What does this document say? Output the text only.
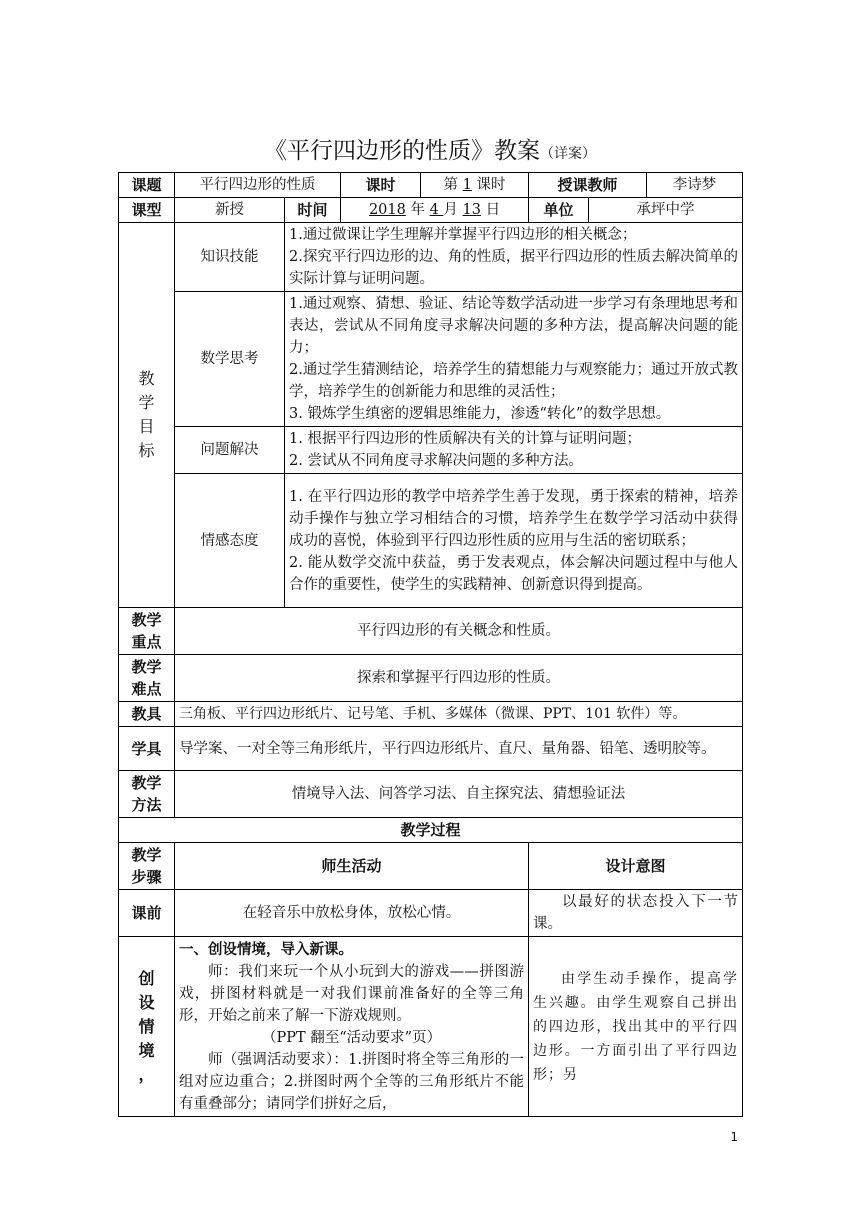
《平行四边形的性质》教案（详案）
课题	平行四边形的性质		课时	第 1 课时	授课教师		李诗梦
课型	新授	时间	2018 年 4 月 13 日		单位	承坪中学	
教
学
目
标	知识技能	1.通过微课让学生理解并掌握平行四边形的相关概念；
2.探究平行四边形的边、角的性质，据平行四边形的性质去解决简单的实际计算与证明问题。					

	数学思考	1.通过观察、猜想、验证、结论等数学活动进一步学习有条理地思考和表达，尝试从不同角度寻求解决问题的多种方法，提高解决问题的能力；
2.通过学生猜测结论，培养学生的猜想能力与观察能力；通过开放式教学，培养学生的创新能力和思维的灵活性；
3. 锻炼学生缜密的逻辑思维能力，渗透“转化”的数学思想。					

	问题解决	1. 根据平行四边形的性质解决有关的计算与证明问题；
2. 尝试从不同角度寻求解决问题的多种方法。					

	情感态度	1. 在平行四边形的教学中培养学生善于发现，勇于探索的精神，培养动手操作与独立学习相结合的习惯，培养学生在数学学习活动中获得成功的喜悦，体验到平行四边形性质的应用与生活的密切联系；
2. 能从数学交流中获益，勇于发表观点，体会解决问题过程中与他人合作的重要性，使学生的实践精神、创新意识得到提高。					

教学
重点	平行四边形的有关概念和性质。						
教学
难点	探索和掌握平行四边形的性质。						
教具	三角板、平行四边形纸片、记号笔、手机、多媒体（微课、PPT、101 软件）等。						
学具	导学案、一对全等三角形纸片，平行四边形纸片、直尺、量角器、铅笔、透明胶等。						
教学
方法	情境导入法、问答学习法、自主探究法、猜想验证法						
教学过程							
教学
步骤	师生活动				设计意图		
课前	在轻音乐中放松身体，放松心情。				以最好的状态投入下一节课。		
创
设
情
境
，	一、创设情境，导入新课。
师：我们来玩一个从小玩到大的游戏——拼图游戏，拼图材料就是一对我们课前准备好的全等三角形，开始之前来了解一下游戏规则。
（PPT 翻至“活动要求”页）
师（强调活动要求）：1.拼图时将全等三角形的一组对应边重合；2.拼图时两个全等的三角形纸片不能有重叠部分；请同学们拼好之后，				由学生动手操作，提高学生兴趣。由学生观察自己拼出的四边形，找出其中的平行四边形。一方面引出了平行四边形；另		
1
